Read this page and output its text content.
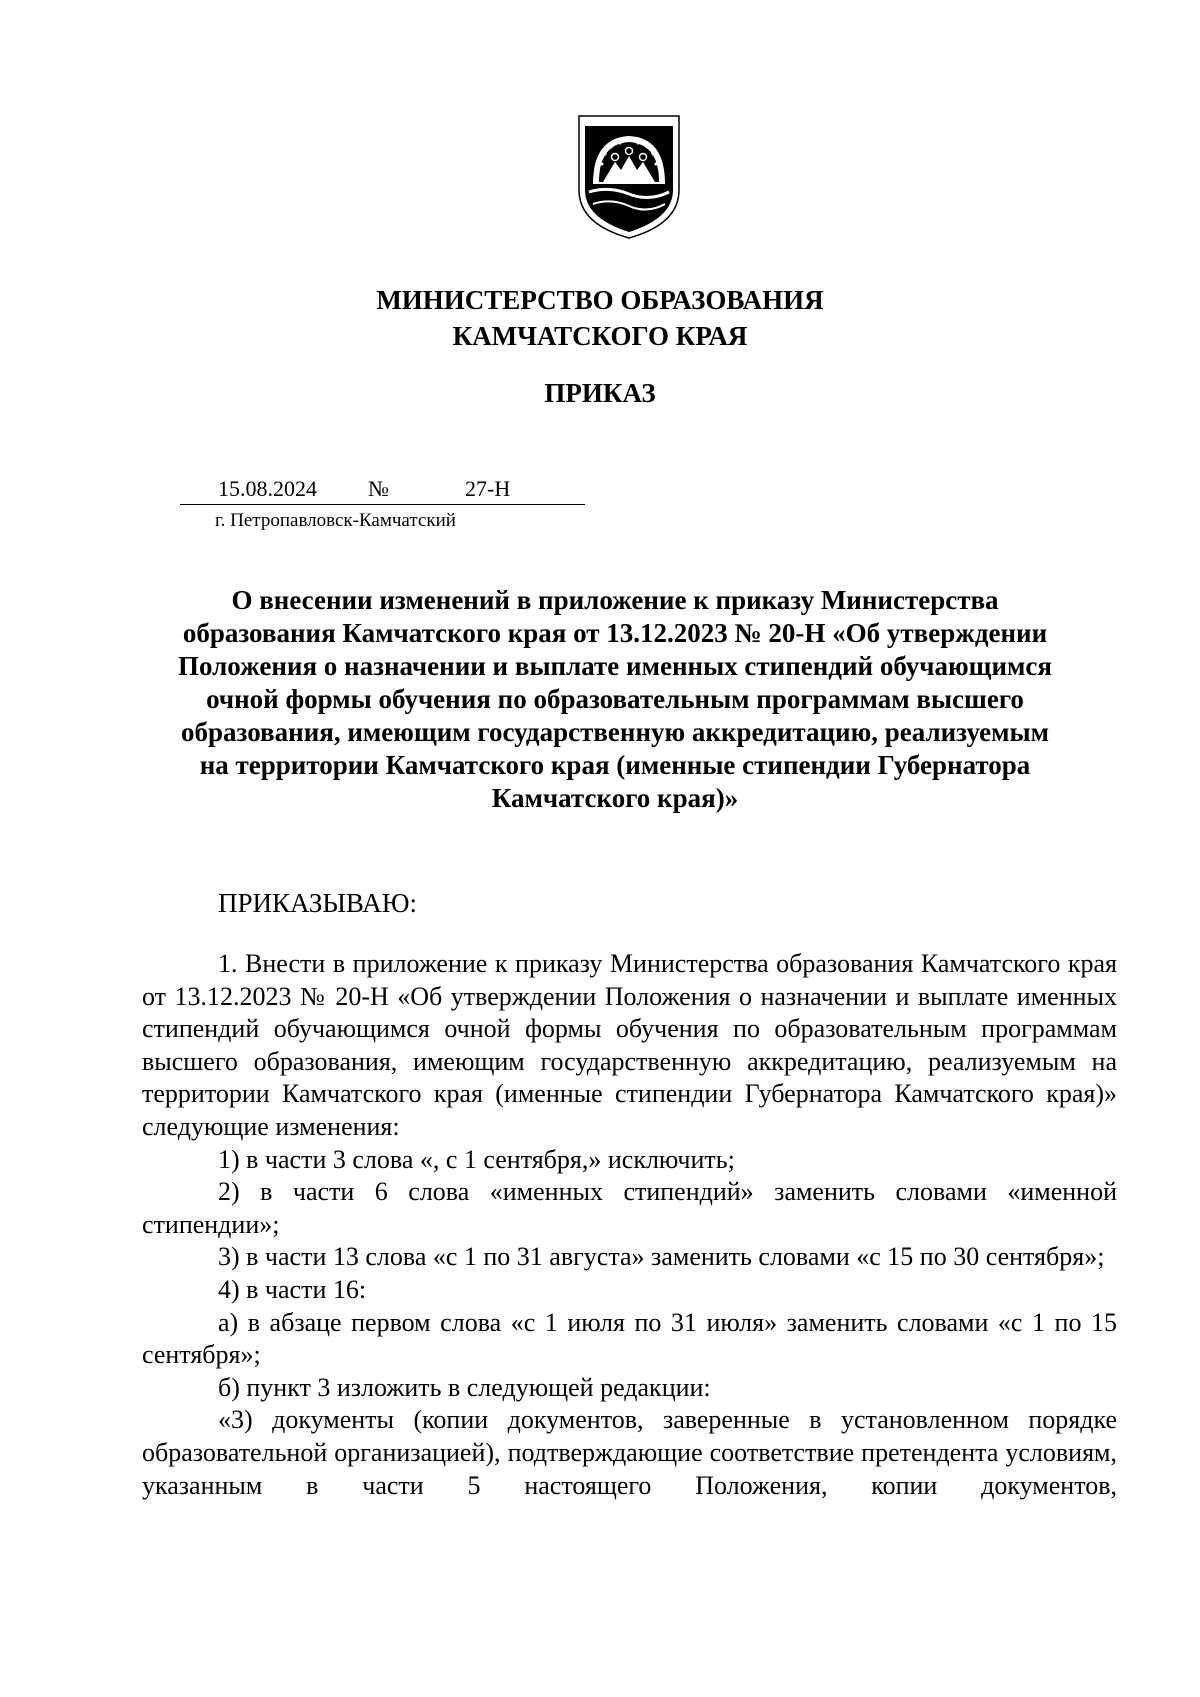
МИНИСТЕРСТВО ОБРАЗОВАНИЯ
КАМЧАТСКОГО КРАЯ
ПРИКАЗ
15.08.2024 №	27-Н
г. Петропавловск-Камчатский
О внесении изменений в приложение к приказу Министерства
образования Камчатского края от 13.12.2023 № 20-Н «Об утверждении
Положения о назначении и выплате именных стипендий обучающимся
очной формы обучения по образовательным программам высшего
образования, имеющим государственную аккредитацию, реализуемым
на территории Камчатского края (именные стипендии Губернатора
Камчатского края)»
ПРИКАЗЫВАЮ:

1. Внести в приложение к приказу Министерства образования Камчатского края от 13.12.2023 № 20-Н «Об утверждении Положения о назначении и выплате именных стипендий обучающимся очной формы обучения по образовательным программам высшего образования, имеющим государственную аккредитацию, реализуемым на территории Камчатского края (именные стипендии Губернатора Камчатского края)» следующие изменения:

1) в части 3 слова «, с 1 сентября,» исключить;

2) в части 6 слова «именных стипендий» заменить словами «именной стипендии»;

3) в части 13 слова «с 1 по 31 августа» заменить словами «с 15 по 30 сентября»;

4) в части 16:

а) в абзаце первом слова «с 1 июля по 31 июля» заменить словами «с 1 по 15 сентября»;

б) пункт 3 изложить в следующей редакции:

«3) документы (копии документов, заверенные в установленном порядке образовательной организацией), подтверждающие соответствие претендента условиям, указанным в части 5 настоящего Положения, копии документов,
